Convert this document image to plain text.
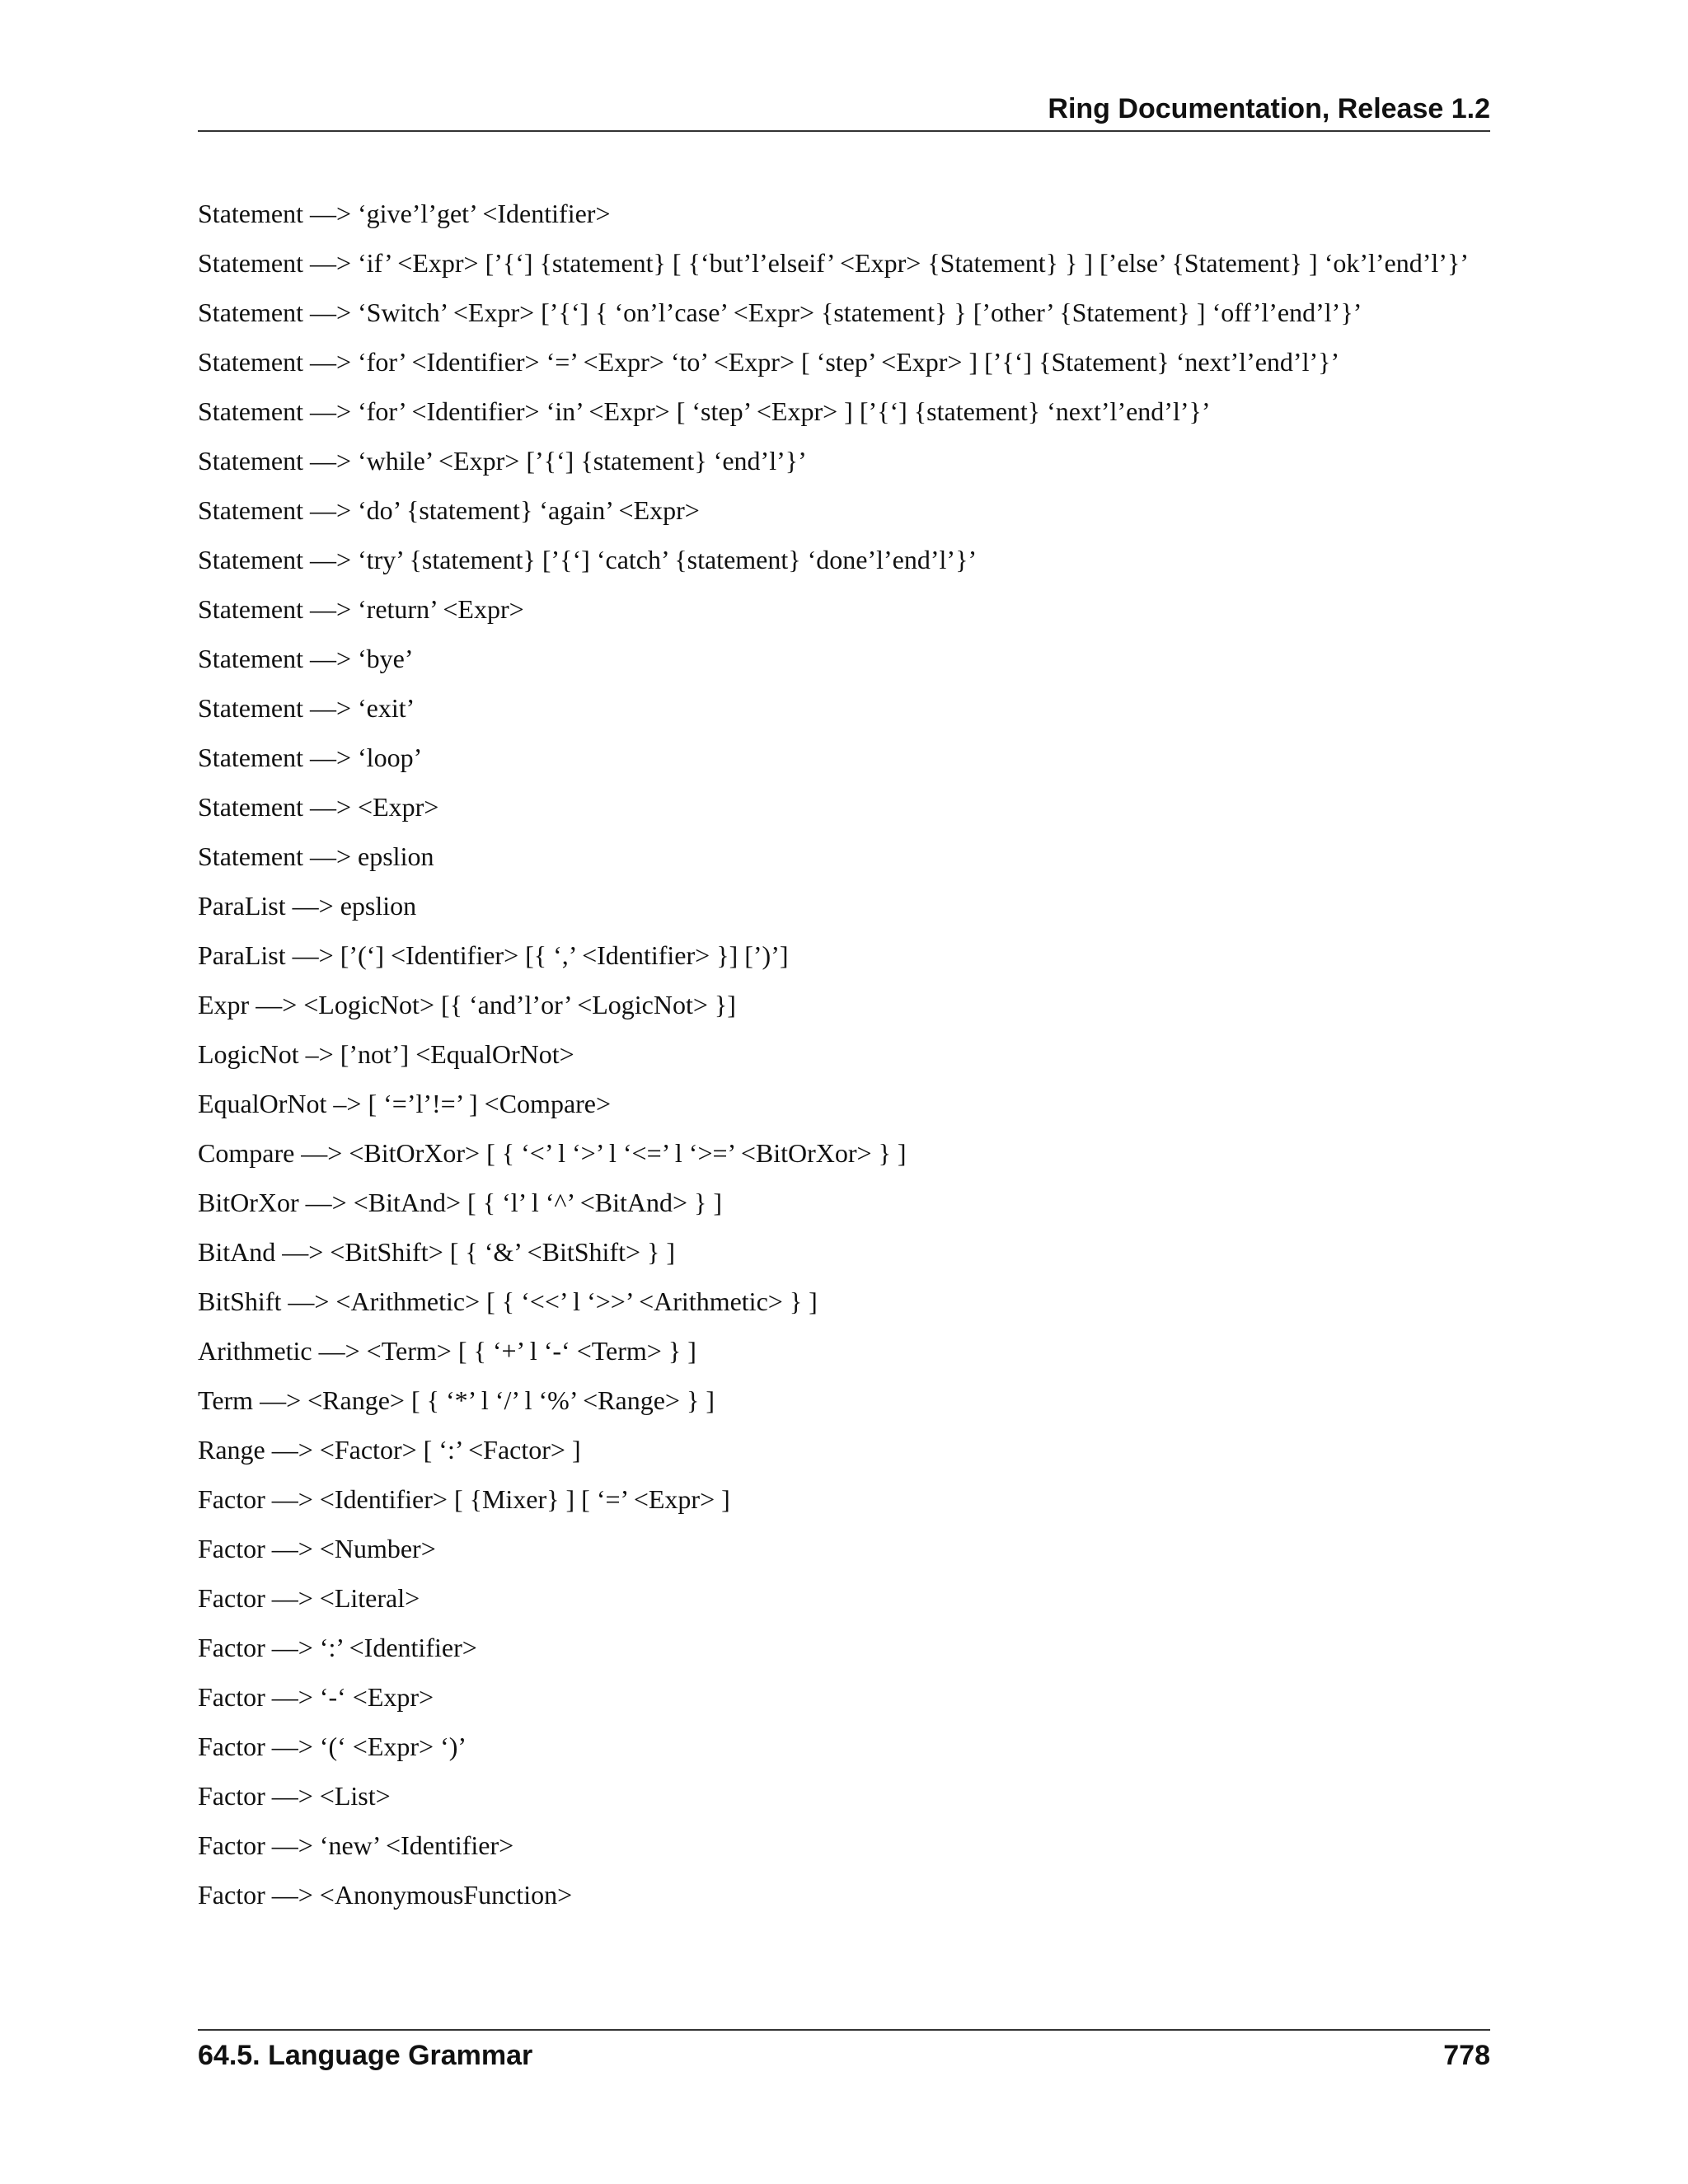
Ring Documentation, Release 1.2

Statement —> ‘give’l’get’ <Identifier>

Statement —> ‘if’ <Expr> [’{‘] {statement} [ {‘but’l’elseif’ <Expr> {Statement} } ] [’else’ {Statement} ] ‘ok’l’end’l’}’

Statement —> ‘Switch’ <Expr> [’{‘] { ‘on’l’case’ <Expr> {statement} } [’other’ {Statement} ] ‘off’l’end’l’}’

Statement —> ‘for’ <Identifier> ‘=’ <Expr> ‘to’ <Expr> [ ‘step’ <Expr> ] [’{‘] {Statement} ‘next’l’end’l’}’

Statement —> ‘for’ <Identifier> ‘in’ <Expr> [ ‘step’ <Expr> ] [’{‘] {statement} ‘next’l’end’l’}’

Statement —> ‘while’ <Expr> [’{‘] {statement} ‘end’l’}’

Statement —> ‘do’ {statement} ‘again’ <Expr>

Statement —> ‘try’ {statement} [’{‘] ‘catch’ {statement} ‘done’l’end’l’}’

Statement —> ‘return’ <Expr>

Statement —> ‘bye’

Statement —> ‘exit’

Statement —> ‘loop’

Statement —> <Expr>

Statement —> epslion

ParaList —> epslion

ParaList —> [’(‘] <Identifier> [{ ‘,’ <Identifier> }] [’)’]

Expr —> <LogicNot> [{ ‘and’l’or’ <LogicNot> }]

LogicNot –> [’not’] <EqualOrNot>

EqualOrNot –> [ ‘=’l’!=’ ] <Compare>

Compare —> <BitOrXor> [ { ‘<’ l ‘>’ l ‘<=’ l ‘>=’ <BitOrXor> } ]

BitOrXor —> <BitAnd> [ { ‘l’ l ‘^’ <BitAnd> } ]

BitAnd —> <BitShift> [ { ‘&’ <BitShift> } ]

BitShift —> <Arithmetic> [ { ‘<<’ l ‘>>’ <Arithmetic> } ]

Arithmetic —> <Term> [ { ‘+’ l ‘-‘ <Term> } ]

Term —> <Range> [ { ‘*’ l ‘/’ l ‘%’ <Range> } ]

Range —> <Factor> [ ‘:’ <Factor> ]

Factor —> <Identifier> [ {Mixer} ] [ ‘=’ <Expr> ]

Factor —> <Number>

Factor —> <Literal>

Factor —> ‘:’ <Identifier>

Factor —> ‘-‘ <Expr>

Factor —> ‘(‘ <Expr> ‘)’

Factor —> <List>

Factor —> ‘new’ <Identifier>

Factor —> <AnonymousFunction>

64.5. Language Grammar	778
